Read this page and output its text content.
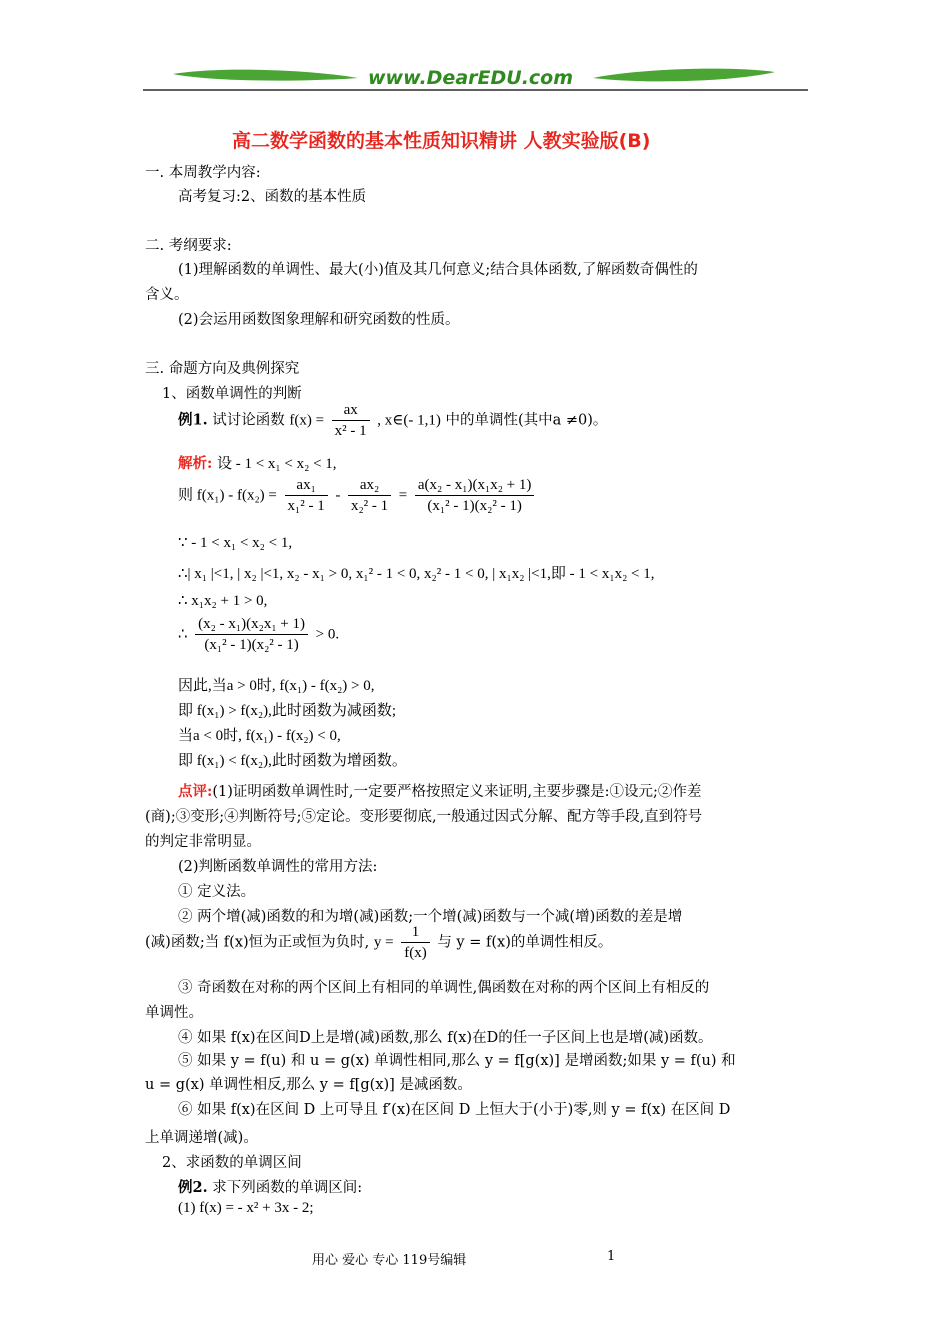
www.DearEDU.com
高二数学函数的基本性质知识精讲 人教实验版(B)
一. 本周教学内容:
高考复习:2、函数的基本性质
二. 考纲要求:
(1)理解函数的单调性、最大(小)值及其几何意义;结合具体函数,了解函数奇偶性的
含义。
(2)会运用函数图象理解和研究函数的性质。
三. 命题方向及典例探究
1、函数单调性的判断
例1. 试讨论函数 $f(x) = \frac{ax}{\text{x² - 1}}$ , x∈(- 1,1) 中的单调性(其中a ≠0)。
解析: 设 - 1 < x₁ < x₂ < 1,
则 $f(x_1) - f(x_2) = \frac{\text{ax₁}}{\text{x₁² - 1}} - \frac{\text{ax₂}}{\text{x₂² - 1}} = \frac{\text{a(x₂ - x₁)(x₁x₂ + 1)}}{\text{(x₁² - 1)(x₂² - 1)}}$
∵ - 1 < x₁ < x₂ < 1,
∴| x₁ |<1, | x₂ |<1, x₂ - x₁ > 0, x₁² - 1 < 0, x₂² - 1 < 0, | x₁x₂ |<1,即 - 1 < x₁x₂ < 1,
∴ x₁x₂ + 1 > 0,
∴ $\frac{\text{(x₂ - x₁)(x₂x₁ + 1)}}{\text{(x₁² - 1)(x₂² - 1)}} > 0$.
因此,当a > 0时, f(x₁) - f(x₂) > 0,
即 f(x₁) > f(x₂),此时函数为减函数;
当a < 0时, f(x₁) - f(x₂) < 0,
即 f(x₁) < f(x₂),此时函数为增函数。
点评:(1)证明函数单调性时,一定要严格按照定义来证明,主要步骤是:①设元;②作差
(商);③变形;④判断符号;⑤定论。变形要彻底,一般通过因式分解、配方等手段,直到符号
的判定非常明显。
(2)判断函数单调性的常用方法:
① 定义法。
② 两个增(减)函数的和为增(减)函数;一个增(减)函数与一个减(增)函数的差是增
(减)函数;当 f(x)恒为正或恒为负时, $y = \frac{1}{f(x)}$ 与 y = f(x)的单调性相反。
③ 奇函数在对称的两个区间上有相同的单调性,偶函数在对称的两个区间上有相反的
单调性。
④ 如果 f(x)在区间D上是增(减)函数,那么 f(x)在D的任一子区间上也是增(减)函数。
⑤ 如果 y = f(u) 和 u = g(x) 单调性相同,那么 y = f[g(x)] 是增函数;如果 y = f(u) 和
u = g(x) 单调性相反,那么 y = f[g(x)] 是减函数。
⑥ 如果 f(x)在区间 D 上可导且 f′(x)在区间 D 上恒大于(小于)零,则 y = f(x) 在区间 D
上单调递增(减)。
2、求函数的单调区间
例2. 求下列函数的单调区间:
(1) f(x) = - x² + 3x - 2;
用心 爱心 专心 119号编辑	1
